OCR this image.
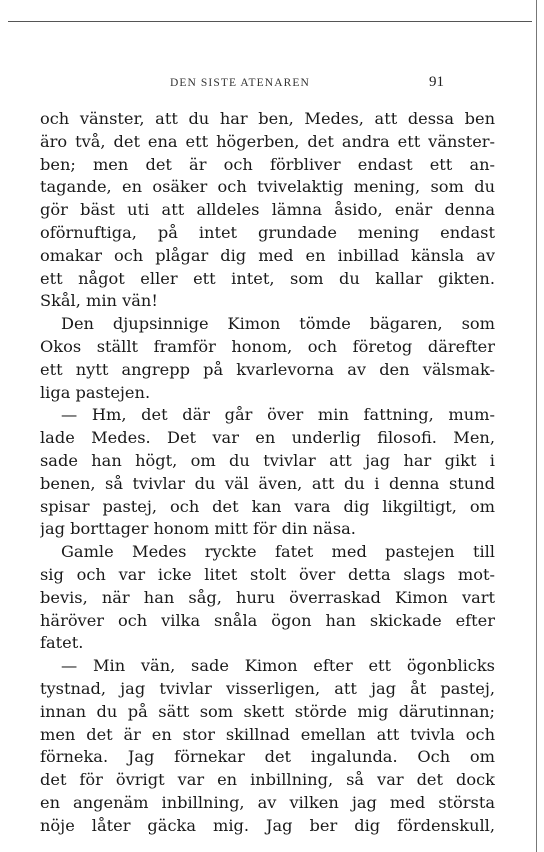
DEN SISTE ATENAREN	91
och vänster, att du har ben, Medes, att dessa ben
äro två, det ena ett högerben, det andra ett vänster-
ben; men det är och förbliver endast ett an-
tagande, en osäker och tvivelaktig mening, som du
gör bäst uti att alldeles lämna åsido, enär denna
oförnuftiga, på intet grundade mening endast
omakar och plågar dig med en inbillad känsla av
ett något eller ett intet, som du kallar gikten.
Skål, min vän!
Den djupsinnige Kimon tömde bägaren, som
Okos ställt framför honom, och företog därefter
ett nytt angrepp på kvarlevorna av den välsmak-
liga pastejen.
— Hm, det där går över min fattning, mum-
lade Medes. Det var en underlig filosofi. Men,
sade han högt, om du tvivlar att jag har gikt i
benen, så tvivlar du väl även, att du i denna stund
spisar pastej, och det kan vara dig likgiltigt, om
jag borttager honom mitt för din näsa.
Gamle Medes ryckte fatet med pastejen till
sig och var icke litet stolt över detta slags mot-
bevis, när han såg, huru överraskad Kimon vart
häröver och vilka snåla ögon han skickade efter
fatet.
— Min vän, sade Kimon efter ett ögonblicks
tystnad, jag tvivlar visserligen, att jag åt pastej,
innan du på sätt som skett störde mig därutinnan;
men det är en stor skillnad emellan att tvivla och
förneka. Jag förnekar det ingalunda. Och om
det för övrigt var en inbillning, så var det dock
en angenäm inbillning, av vilken jag med största
nöje låter gäcka mig. Jag ber dig fördenskull,
